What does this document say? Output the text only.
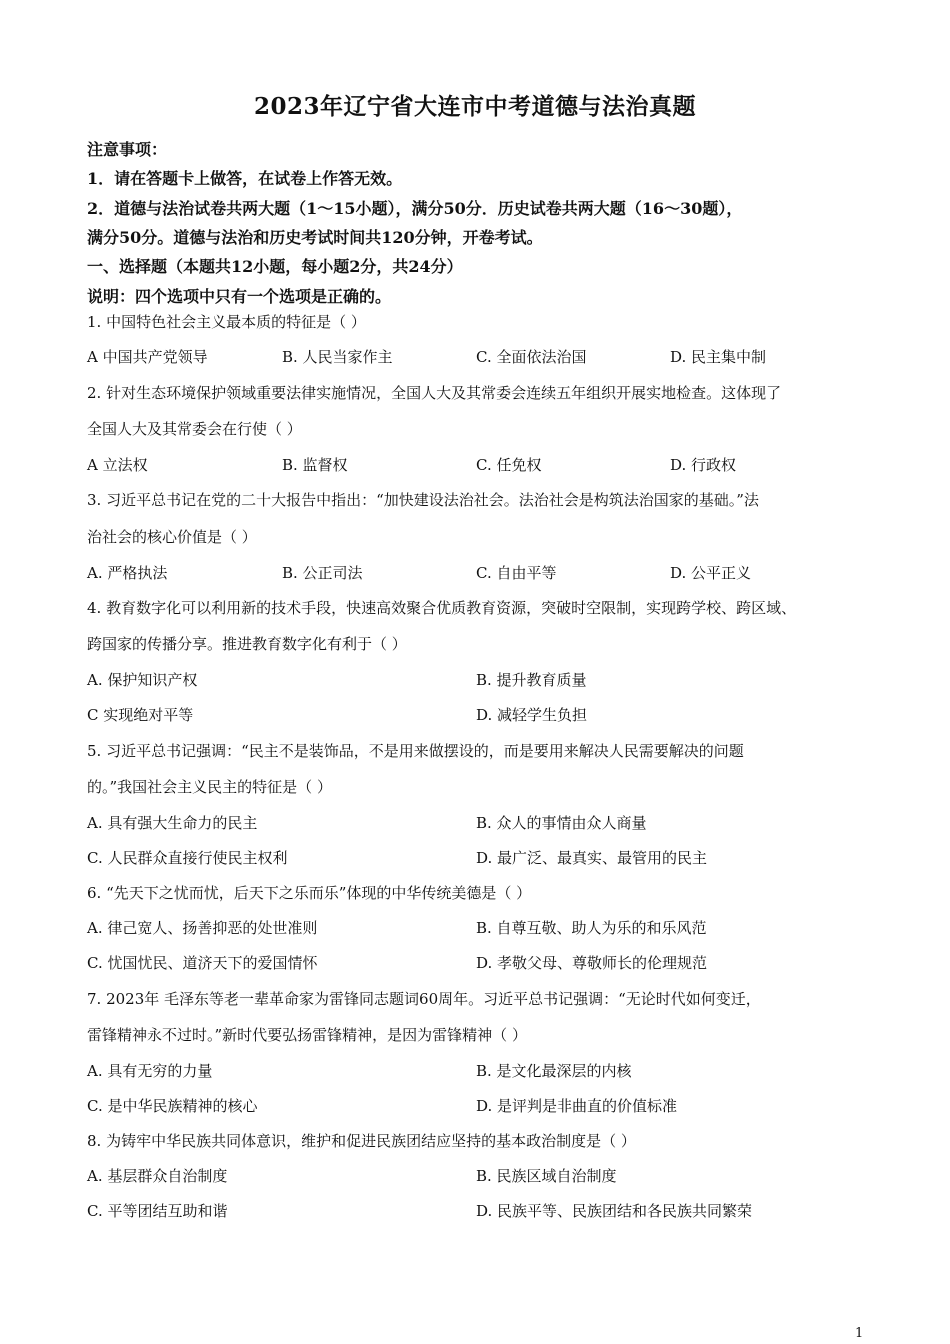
2023年辽宁省大连市中考道德与法治真题
注意事项：
1．请在答题卡上做答，在试卷上作答无效。
2．道德与法治试卷共两大题（1～15小题），满分50分．历史试卷共两大题（16～30题），
满分50分。道德与法治和历史考试时间共120分钟，开卷考试。
一、选择题（本题共12小题，每小题2分，共24分）
说明：四个选项中只有一个选项是正确的。
1. 中国特色社会主义最本质的特征是（ ）
A 中国共产党领导	B. 人民当家作主	C. 全面依法治国	D. 民主集中制
2. 针对生态环境保护领域重要法律实施情况，全国人大及其常委会连续五年组织开展实地检查。这体现了
全国人大及其常委会在行使（ ）
A 立法权	B. 监督权	C. 任免权	D. 行政权
3. 习近平总书记在党的二十大报告中指出：“加快建设法治社会。法治社会是构筑法治国家的基础。”法
治社会的核心价值是（ ）
A. 严格执法	B. 公正司法	C. 自由平等	D. 公平正义
4. 教育数字化可以利用新的技术手段，快速高效聚合优质教育资源，突破时空限制，实现跨学校、跨区域、
跨国家的传播分享。推进教育数字化有利于（ ）
A. 保护知识产权	B. 提升教育质量
C 实现绝对平等	D. 减轻学生负担
5. 习近平总书记强调：“民主不是装饰品，不是用来做摆设的，而是要用来解决人民需要解决的问题
的。”我国社会主义民主的特征是（ ）
A. 具有强大生命力的民主	B. 众人的事情由众人商量
C. 人民群众直接行使民主权利	D. 最广泛、最真实、最管用的民主
6. “先天下之忧而忧，后天下之乐而乐”体现的中华传统美德是（ ）
A. 律己宽人、扬善抑恶的处世准则	B. 自尊互敬、助人为乐的和乐风范
C. 忧国忧民、道济天下的爱国情怀	D. 孝敬父母、尊敬师长的伦理规范
7. 2023年 毛泽东等老一辈革命家为雷锋同志题词60周年。习近平总书记强调：“无论时代如何变迁，
雷锋精神永不过时。”新时代要弘扬雷锋精神，是因为雷锋精神（ ）
A. 具有无穷的力量	B. 是文化最深层的内核
C. 是中华民族精神的核心	D. 是评判是非曲直的价值标准
8. 为铸牢中华民族共同体意识，维护和促进民族团结应坚持的基本政治制度是（ ）
A. 基层群众自治制度	B. 民族区域自治制度
C. 平等团结互助和谐	D. 民族平等、民族团结和各民族共同繁荣
1
